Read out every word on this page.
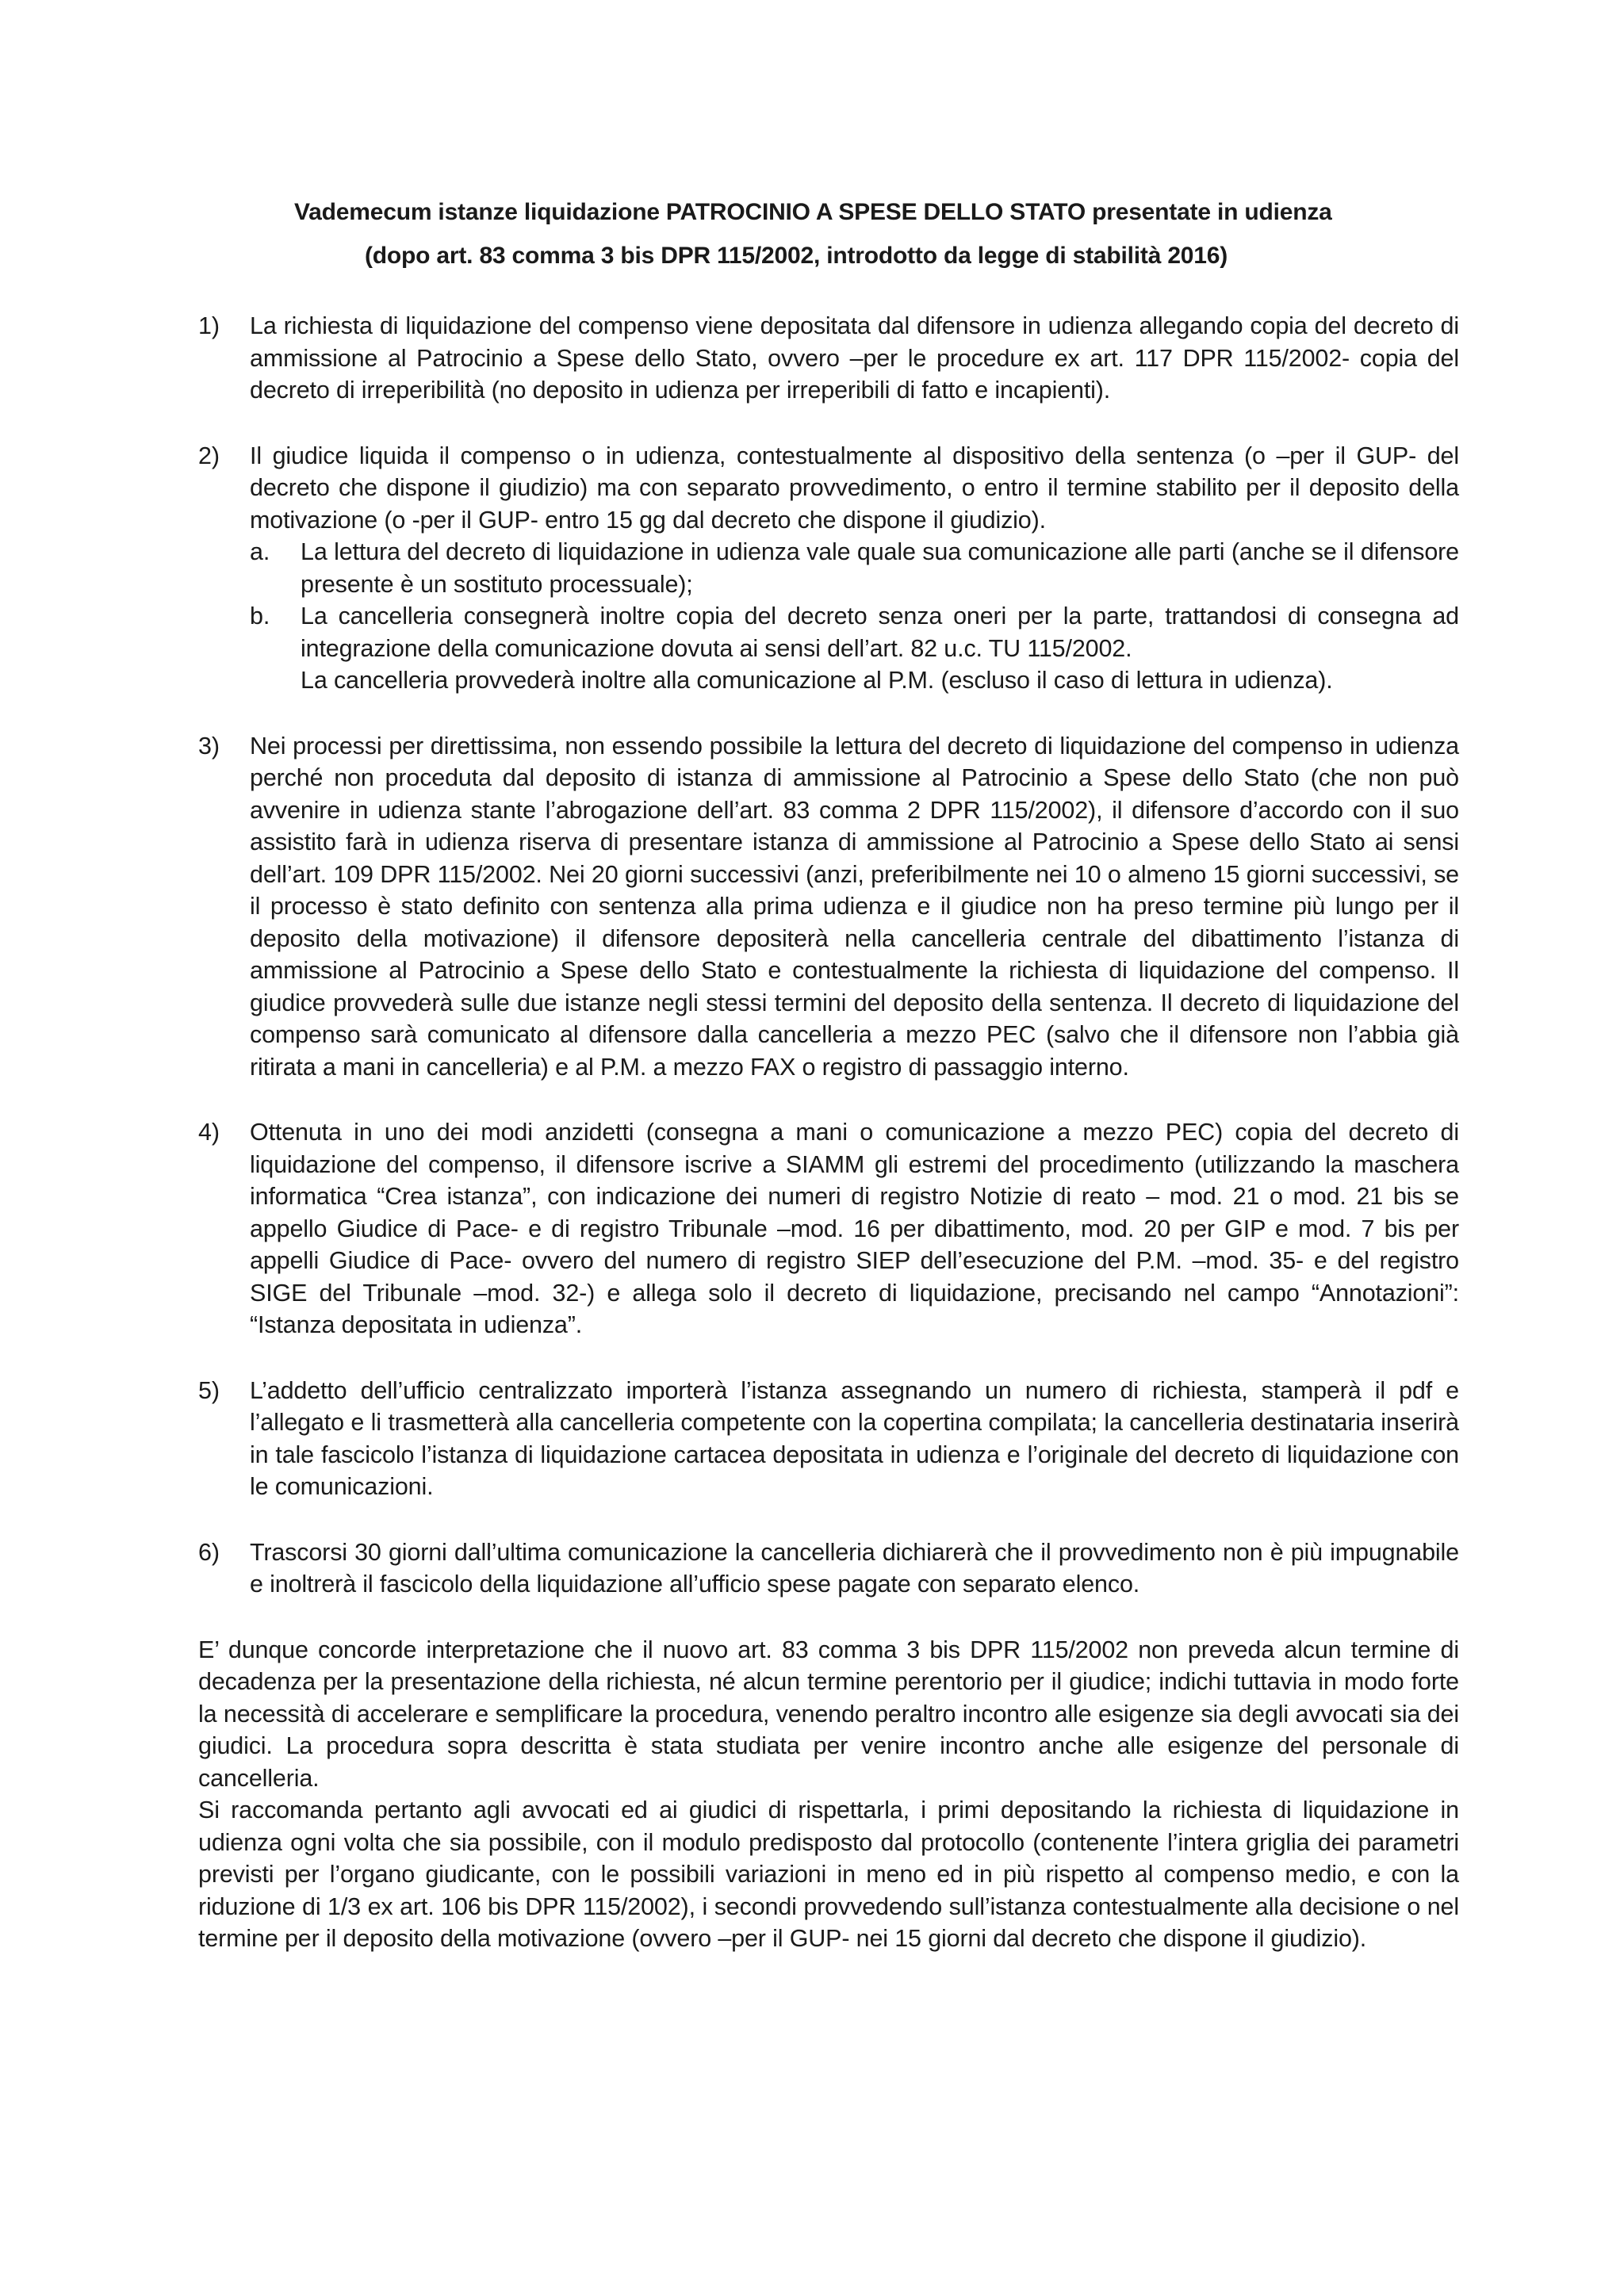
Vademecum istanze liquidazione PATROCINIO A SPESE DELLO STATO presentate in udienza
(dopo art. 83 comma 3 bis DPR 115/2002, introdotto da legge di stabilità 2016)
1) La richiesta di liquidazione del compenso viene depositata dal difensore in udienza allegando copia del decreto di ammissione al Patrocinio a Spese dello Stato, ovvero –per le procedure ex art. 117 DPR 115/2002- copia del decreto di irreperibilità (no deposito in udienza per irreperibili di fatto e incapienti).
2) Il giudice liquida il compenso o in udienza, contestualmente al dispositivo della sentenza (o –per il GUP- del decreto che dispone il giudizio) ma con separato provvedimento, o entro il termine stabilito per il deposito della motivazione (o -per il GUP- entro 15 gg dal decreto che dispone il giudizio).
a. La lettura del decreto di liquidazione in udienza vale quale sua comunicazione alle parti (anche se il difensore presente è un sostituto processuale);
b. La cancelleria consegnerà inoltre copia del decreto senza oneri per la parte, trattandosi di consegna ad integrazione della comunicazione dovuta ai sensi dell’art. 82 u.c. TU 115/2002.
La cancelleria provvederà inoltre alla comunicazione al P.M. (escluso il caso di lettura in udienza).
3) Nei processi per direttissima, non essendo possibile la lettura del decreto di liquidazione del compenso in udienza perché non proceduta dal deposito di istanza di ammissione al Patrocinio a Spese dello Stato (che non può avvenire in udienza stante l’abrogazione dell’art. 83 comma 2 DPR 115/2002), il difensore d’accordo con il suo assistito farà in udienza riserva di presentare istanza di ammissione al Patrocinio a Spese dello Stato ai sensi dell’art. 109 DPR 115/2002. Nei 20 giorni successivi (anzi, preferibilmente nei 10 o almeno 15 giorni successivi, se il processo è stato definito con sentenza alla prima udienza e il giudice non ha preso termine più lungo per il deposito della motivazione) il difensore depositerà nella cancelleria centrale del dibattimento l’istanza di ammissione al Patrocinio a Spese dello Stato e contestualmente la richiesta di liquidazione del compenso. Il giudice provvederà sulle due istanze negli stessi termini del deposito della sentenza. Il decreto di liquidazione del compenso sarà comunicato al difensore dalla cancelleria a mezzo PEC (salvo che il difensore non l’abbia già ritirata a mani in cancelleria) e al P.M. a mezzo FAX o registro di passaggio interno.
4) Ottenuta in uno dei modi anzidetti (consegna a mani o comunicazione a mezzo PEC) copia del decreto di liquidazione del compenso, il difensore iscrive a SIAMM gli estremi del procedimento (utilizzando la maschera informatica “Crea istanza”, con indicazione dei numeri di registro Notizie di reato – mod. 21 o mod. 21 bis se appello Giudice di Pace- e di registro Tribunale –mod. 16 per dibattimento, mod. 20 per GIP e mod. 7 bis per appelli Giudice di Pace- ovvero del numero di registro SIEP dell’esecuzione del P.M. –mod. 35- e del registro SIGE del Tribunale –mod. 32-) e allega solo il decreto di liquidazione, precisando nel campo “Annotazioni”: “Istanza depositata in udienza”.
5) L’addetto dell’ufficio centralizzato importerà l’istanza assegnando un numero di richiesta, stamperà il pdf e l’allegato e li trasmetterà alla cancelleria competente con la copertina compilata; la cancelleria destinataria inserirà in tale fascicolo l’istanza di liquidazione cartacea depositata in udienza e l’originale del decreto di liquidazione con le comunicazioni.
6) Trascorsi 30 giorni dall’ultima comunicazione la cancelleria dichiarerà che il provvedimento non è più impugnabile e inoltrerà il fascicolo della liquidazione all’ufficio spese pagate con separato elenco.
E’ dunque concorde interpretazione che il nuovo art. 83 comma 3 bis DPR 115/2002 non preveda alcun termine di decadenza per la presentazione della richiesta, né alcun termine perentorio per il giudice; indichi tuttavia in modo forte la necessità di accelerare e semplificare la procedura, venendo peraltro incontro alle esigenze sia degli avvocati sia dei giudici. La procedura sopra descritta è stata studiata per venire incontro anche alle esigenze del personale di cancelleria.
Si raccomanda pertanto agli avvocati ed ai giudici di rispettarla, i primi depositando la richiesta di liquidazione in udienza ogni volta che sia possibile, con il modulo predisposto dal protocollo (contenente l’intera griglia dei parametri previsti per l’organo giudicante, con le possibili variazioni in meno ed in più rispetto al compenso medio, e con la riduzione di 1/3 ex art. 106 bis DPR 115/2002), i secondi provvedendo sull’istanza contestualmente alla decisione o nel termine per il deposito della motivazione (ovvero –per il GUP- nei 15 giorni dal decreto che dispone il giudizio).
